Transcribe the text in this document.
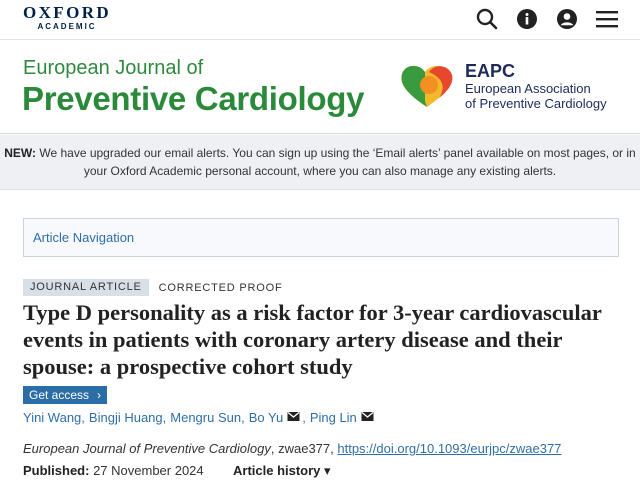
OXFORD
ACADEMIC
European Journal of
Preventive Cardiology
EAPC
European Association
of Preventive Cardiology
NEW: We have upgraded our email alerts. You can sign up using the ‘Email alerts’ panel available on most pages, or in your Oxford Academic personal account, where you can also manage any existing alerts.
Article Navigation
JOURNAL ARTICLE	CORRECTED PROOF
Type D personality as a risk factor for 3-year cardiovascular events in patients with coronary artery disease and their spouse: a prospective cohort study
Get access ›
Yini Wang , Bingji Huang , Mengru Sun , Bo Yu , Ping Lin
European Journal of Preventive Cardiology, zwae377, https://doi.org/10.1093/eurjpc/zwae377
Published: 27 November 2024 Article history ▾
